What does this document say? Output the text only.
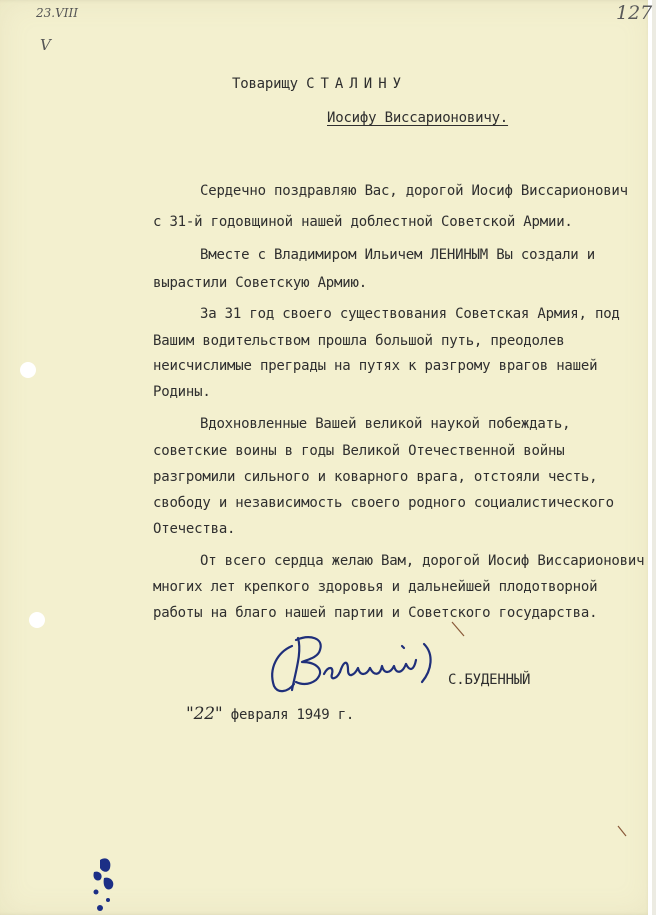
23.VIII
V
127
Товарищу СТАЛИНУ
Иосифу Виссарионовичу.
Сердечно поздравляю Вас, дорогой Иосиф Виссарионович
с 31-й годовщиной нашей доблестной Советской Армии.
Вместе с Владимиром Ильичем ЛЕНИНЫМ Вы создали и
вырастили Советскую Армию.
За 31 год своего существования Советская Армия, под
Вашим водительством прошла большой путь, преодолев
неисчислимые преграды на путях к разгрому врагов нашей
Родины.
Вдохновленные Вашей великой наукой побеждать,
советские воины в годы Великой Отечественной войны
разгромили сильного и коварного врага, отстояли честь,
свободу и независимость своего родного социалистического
Отечества.
От всего сердца желаю Вам, дорогой Иосиф Виссарионович
многих лет крепкого здоровья и дальнейшей плодотворной
работы на благо нашей партии и Советского государства.
С.БУДЕННЫЙ
"22" февраля 1949 г.
